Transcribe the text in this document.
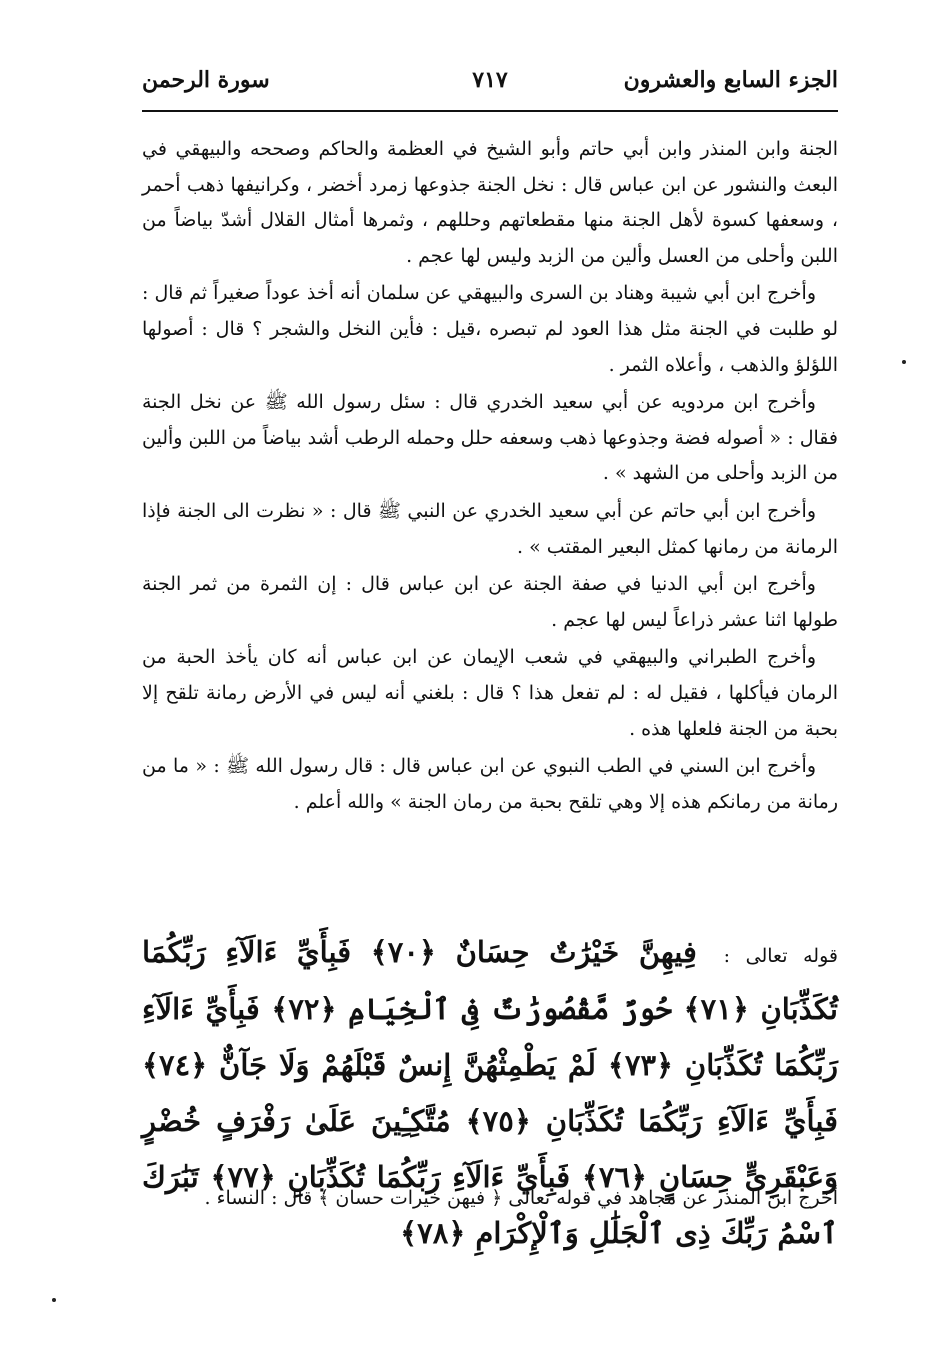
الجزء السابع والعشرون
٧١٧
سورة الرحمن

الجنة وابن المنذر وابن أبي حاتم وأبو الشيخ في العظمة والحاكم وصححه والبيهقي في البعث والنشور عن ابن عباس قال : نخل الجنة جذوعها زمرد أخضر ، وكرانيفها ذهب أحمر ، وسعفها كسوة لأهل الجنة منها مقطعاتهم وحللهم ، وثمرها أمثال القلال أشدّ بياضاً من اللبن وأحلى من العسل وألين من الزبد وليس لها عجم .

وأخرج ابن أبي شيبة وهناد بن السرى والبيهقي عن سلمان أنه أخذ عوداً صغيراً ثم قال : لو طلبت في الجنة مثل هذا العود لم تبصره ،قيل : فأين النخل والشجر ؟ قال : أصولها اللؤلؤ والذهب ، وأعلاه الثمر .

وأخرج ابن مردويه عن أبي سعيد الخدري قال : سئل رسول الله ﷺ عن نخل الجنة فقال : « أصوله فضة وجذوعها ذهب وسعفه حلل وحمله الرطب أشد بياضاً من اللبن وألين من الزبد وأحلى من الشهد » .

وأخرج ابن أبي حاتم عن أبي سعيد الخدري عن النبي ﷺ قال : « نظرت الى الجنة فإذا الرمانة من رمانها كمثل البعير المقتب » .

وأخرج ابن أبي الدنيا في صفة الجنة عن ابن عباس قال : إن الثمرة من ثمر الجنة طولها اثنا عشر ذراعاً ليس لها عجم .

وأخرج الطبراني والبيهقي في شعب الإيمان عن ابن عباس أنه كان يأخذ الحبة من الرمان فيأكلها ، فقيل له : لم تفعل هذا ؟ قال : بلغني أنه ليس في الأرض رمانة تلقح إلا بحبة من الجنة فلعلها هذه .

وأخرج ابن السني في الطب النبوي عن ابن عباس قال : قال رسول الله ﷺ : « ما من رمانة من رمانكم هذه إلا وهي تلقح بحبة من رمان الجنة » والله أعلم .

قوله تعالى : فِيهِنَّ خَيْرَٰتٌ حِسَانٌ ﴿٧٠﴾ فَبِأَيِّ ءَالَآءِ رَبِّكُمَا تُكَذِّبَانِ ﴿٧١﴾ حُورٌ مَّقْصُورَٰتٌ فِى ٱلْخِيَامِ ﴿٧٢﴾ فَبِأَيِّ ءَالَآءِ رَبِّكُمَا تُكَذِّبَانِ ﴿٧٣﴾ لَمْ يَطْمِثْهُنَّ إِنسٌ قَبْلَهُمْ وَلَا جَآنٌّ ﴿٧٤﴾ فَبِأَيِّ ءَالَآءِ رَبِّكُمَا تُكَذِّبَانِ ﴿٧٥﴾ مُتَّكِـِٔينَ عَلَىٰ رَفْرَفٍ خُضْرٍ وَعَبْقَرِىٍّ حِسَانٍ ﴿٧٦﴾ فَبِأَيِّ ءَالَآءِ رَبِّكُمَا تُكَذِّبَانِ ﴿٧٧﴾ تَبَٰرَكَ ٱسْمُ رَبِّكَ ذِى ٱلْجَلَٰلِ وَٱلْإِكْرَامِ ﴿٧٨﴾
أخرج ابن المنذر عن مجاهد في قوله تعالى ﴿ فيهن خيرات حسان ﴾ قال : النساء .
